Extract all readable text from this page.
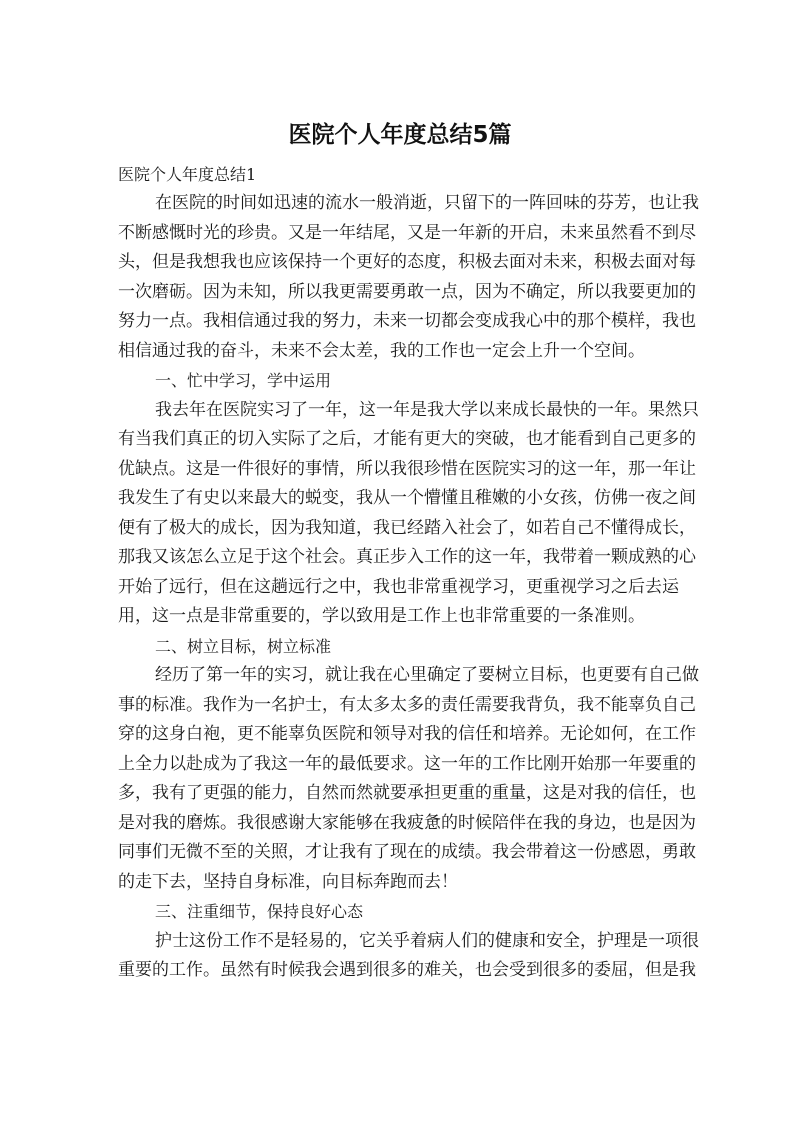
医院个人年度总结5篇
医院个人年度总结1
在医院的时间如迅速的流水一般消逝，只留下的一阵回味的芬芳，也让我
不断感慨时光的珍贵。又是一年结尾，又是一年新的开启，未来虽然看不到尽
头，但是我想我也应该保持一个更好的态度，积极去面对未来，积极去面对每
一次磨砺。因为未知，所以我更需要勇敢一点，因为不确定，所以我要更加的
努力一点。我相信通过我的努力，未来一切都会变成我心中的那个模样，我也
相信通过我的奋斗，未来不会太差，我的工作也一定会上升一个空间。
一、忙中学习，学中运用
我去年在医院实习了一年，这一年是我大学以来成长最快的一年。果然只
有当我们真正的切入实际了之后，才能有更大的突破，也才能看到自己更多的
优缺点。这是一件很好的事情，所以我很珍惜在医院实习的这一年，那一年让
我发生了有史以来最大的蜕变，我从一个懵懂且稚嫩的小女孩，仿佛一夜之间
便有了极大的成长，因为我知道，我已经踏入社会了，如若自己不懂得成长，
那我又该怎么立足于这个社会。真正步入工作的这一年，我带着一颗成熟的心
开始了远行，但在这趟远行之中，我也非常重视学习，更重视学习之后去运
用，这一点是非常重要的，学以致用是工作上也非常重要的一条准则。
二、树立目标，树立标准
经历了第一年的实习，就让我在心里确定了要树立目标，也更要有自己做
事的标准。我作为一名护士，有太多太多的责任需要我背负，我不能辜负自己
穿的这身白袍，更不能辜负医院和领导对我的信任和培养。无论如何，在工作
上全力以赴成为了我这一年的最低要求。这一年的工作比刚开始那一年要重的
多，我有了更强的能力，自然而然就要承担更重的重量，这是对我的信任，也
是对我的磨炼。我很感谢大家能够在我疲惫的时候陪伴在我的身边，也是因为
同事们无微不至的关照，才让我有了现在的成绩。我会带着这一份感恩，勇敢
的走下去，坚持自身标准，向目标奔跑而去！
三、注重细节，保持良好心态
护士这份工作不是轻易的，它关乎着病人们的健康和安全，护理是一项很
重要的工作。虽然有时候我会遇到很多的难关，也会受到很多的委屈，但是我
